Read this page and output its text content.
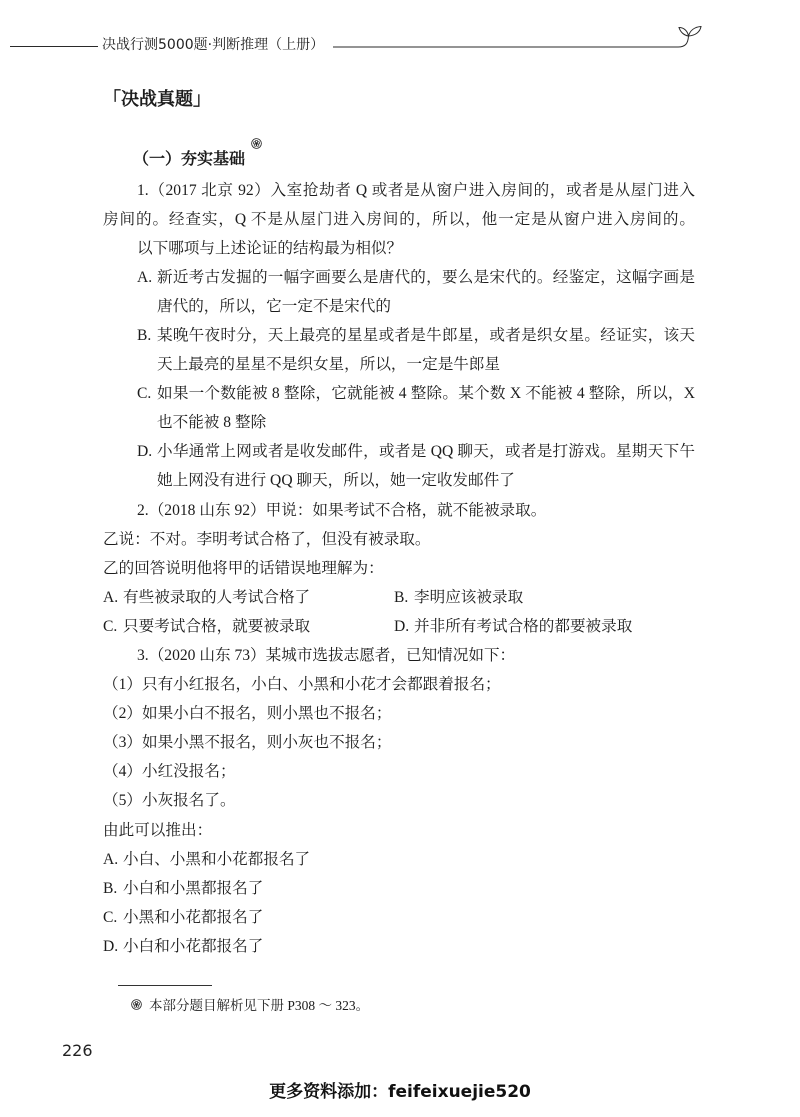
决战行测5000题·判断推理（上册）
「决战真题」
（一）夯实基础
1.（2017 北京 92）入室抢劫者 Q 或者是从窗户进入房间的，或者是从屋门进入
房间的。经查实，Q 不是从屋门进入房间的，所以，他一定是从窗户进入房间的。
以下哪项与上述论证的结构最为相似？
A. 新近考古发掘的一幅字画要么是唐代的，要么是宋代的。经鉴定，这幅字画是
唐代的，所以，它一定不是宋代的
B. 某晚午夜时分，天上最亮的星星或者是牛郎星，或者是织女星。经证实，该天
天上最亮的星星不是织女星，所以，一定是牛郎星
C. 如果一个数能被 8 整除，它就能被 4 整除。某个数 X 不能被 4 整除，所以，X
也不能被 8 整除
D. 小华通常上网或者是收发邮件，或者是 QQ 聊天，或者是打游戏。星期天下午
她上网没有进行 QQ 聊天，所以，她一定收发邮件了
2.（2018 山东 92）甲说：如果考试不合格，就不能被录取。
乙说：不对。李明考试合格了，但没有被录取。
乙的回答说明他将甲的话错误地理解为：
A. 有些被录取的人考试合格了	B. 李明应该被录取
C. 只要考试合格，就要被录取	D. 并非所有考试合格的都要被录取
3.（2020 山东 73）某城市选拔志愿者，已知情况如下：
（1）只有小红报名，小白、小黑和小花才会都跟着报名；
（2）如果小白不报名，则小黑也不报名；
（3）如果小黑不报名，则小灰也不报名；
（4）小红没报名；
（5）小灰报名了。
由此可以推出：
A. 小白、小黑和小花都报名了
B. 小白和小黑都报名了
C. 小黑和小花都报名了
D. 小白和小花都报名了
本部分题目解析见下册 P308 ～ 323。
226
更多资料添加：feifeixuejie520
